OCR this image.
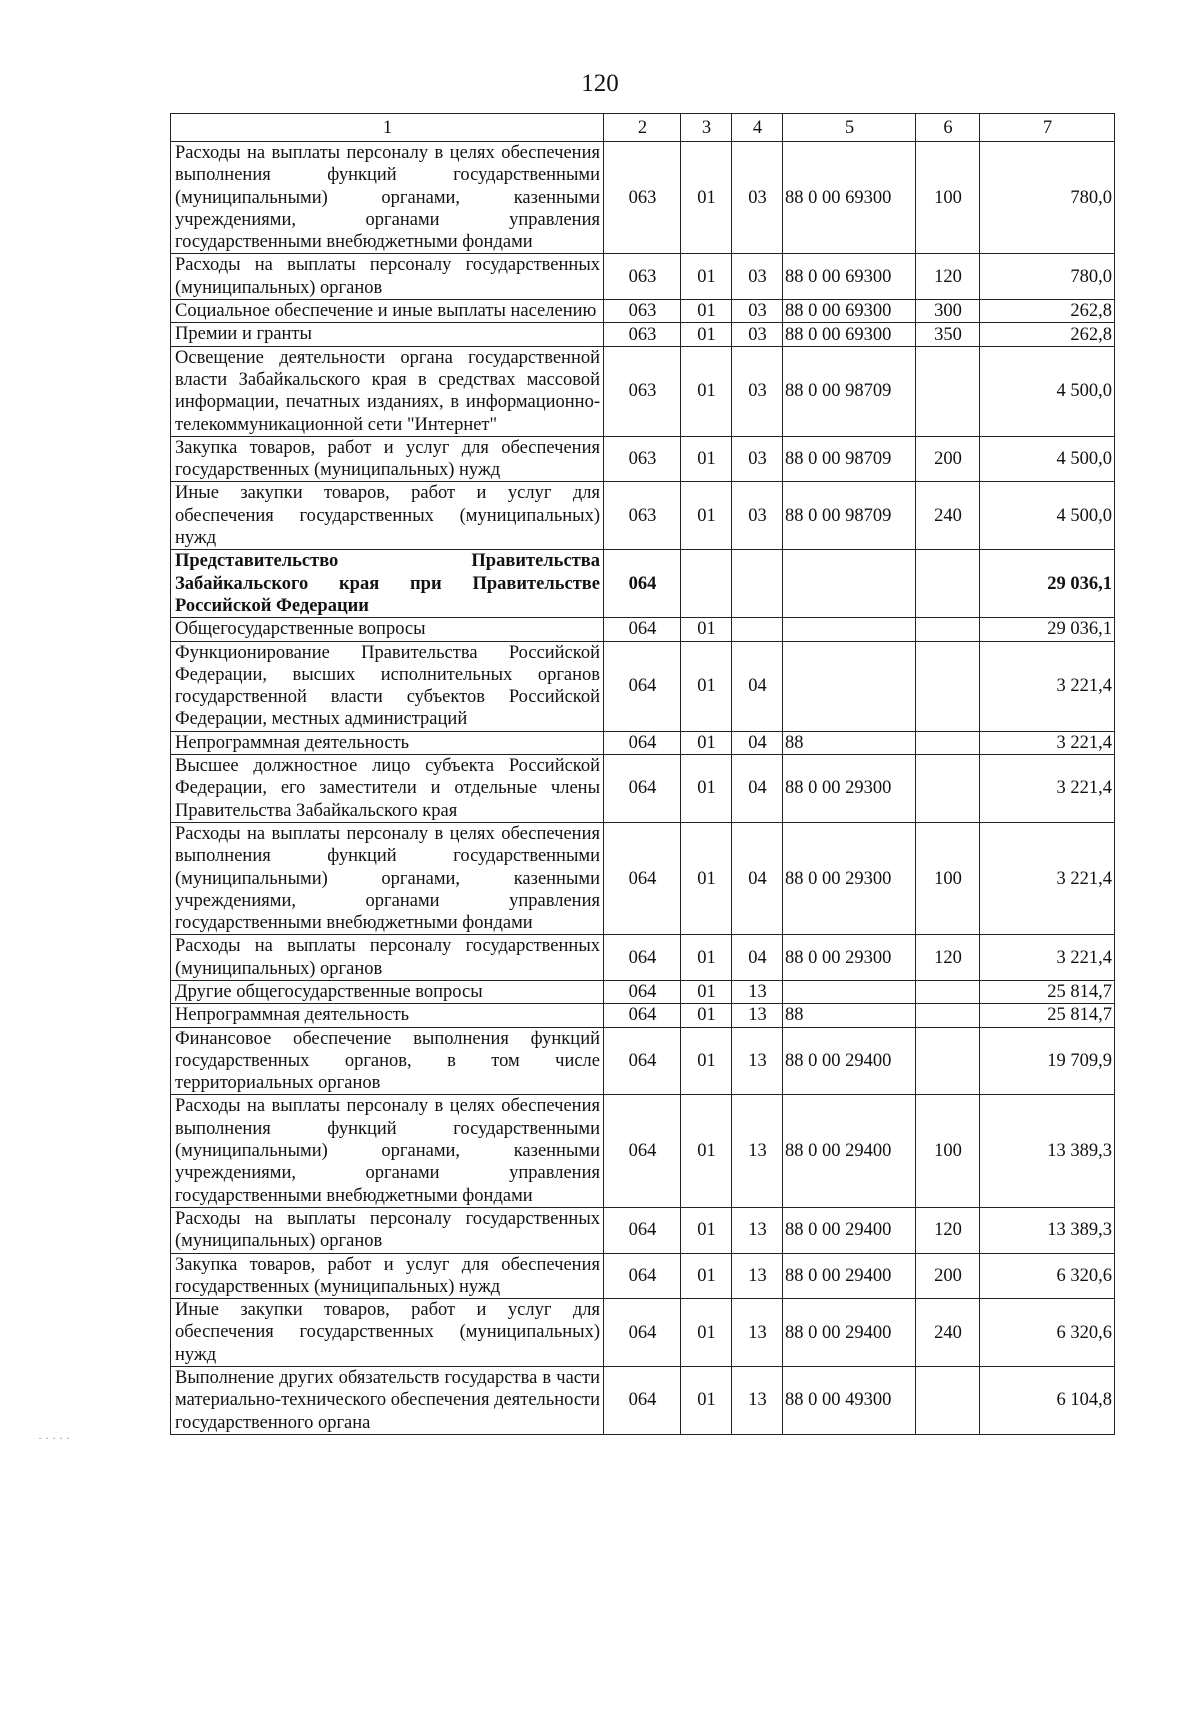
120
1	2	3	4	5	6	7
Расходы на выплаты персоналу в целях обеспечения выполнения функций государственными (муниципальными) органами, казенными учреждениями, органами управления государственными внебюджетными фондами	063	01	03	88 0 00 69300	100	780,0
Расходы на выплаты персоналу государственных (муниципальных) органов	063	01	03	88 0 00 69300	120	780,0
Социальное обеспечение и иные выплаты населению	063	01	03	88 0 00 69300	300	262,8
Премии и гранты	063	01	03	88 0 00 69300	350	262,8
Освещение деятельности органа государственной власти Забайкальского края в средствах массовой информации, печатных изданиях, в информационно-телекоммуникационной сети "Интернет"	063	01	03	88 0 00 98709		4 500,0
Закупка товаров, работ и услуг для обеспечения государственных (муниципальных) нужд	063	01	03	88 0 00 98709	200	4 500,0
Иные закупки товаров, работ и услуг для обеспечения государственных (муниципальных) нужд	063	01	03	88 0 00 98709	240	4 500,0
Представительство Правительства Забайкальского края при Правительстве Российской Федерации	064					29 036,1
Общегосударственные вопросы	064	01				29 036,1
Функционирование Правительства Российской Федерации, высших исполнительных органов государственной власти субъектов Российской Федерации, местных администраций	064	01	04			3 221,4
Непрограммная деятельность	064	01	04	88		3 221,4
Высшее должностное лицо субъекта Российской Федерации, его заместители и отдельные члены Правительства Забайкальского края	064	01	04	88 0 00 29300		3 221,4
Расходы на выплаты персоналу в целях обеспечения выполнения функций государственными (муниципальными) органами, казенными учреждениями, органами управления государственными внебюджетными фондами	064	01	04	88 0 00 29300	100	3 221,4
Расходы на выплаты персоналу государственных (муниципальных) органов	064	01	04	88 0 00 29300	120	3 221,4
Другие общегосударственные вопросы	064	01	13			25 814,7
Непрограммная деятельность	064	01	13	88		25 814,7
Финансовое обеспечение выполнения функций государственных органов, в том числе территориальных органов	064	01	13	88 0 00 29400		19 709,9
Расходы на выплаты персоналу в целях обеспечения выполнения функций государственными (муниципальными) органами, казенными учреждениями, органами управления государственными внебюджетными фондами	064	01	13	88 0 00 29400	100	13 389,3
Расходы на выплаты персоналу государственных (муниципальных) органов	064	01	13	88 0 00 29400	120	13 389,3
Закупка товаров, работ и услуг для обеспечения государственных (муниципальных) нужд	064	01	13	88 0 00 29400	200	6 320,6
Иные закупки товаров, работ и услуг для обеспечения государственных (муниципальных) нужд	064	01	13	88 0 00 29400	240	6 320,6
Выполнение других обязательств государства в части материально-технического обеспечения деятельности государственного органа	064	01	13	88 0 00 49300		6 104,8
· · · · ·
